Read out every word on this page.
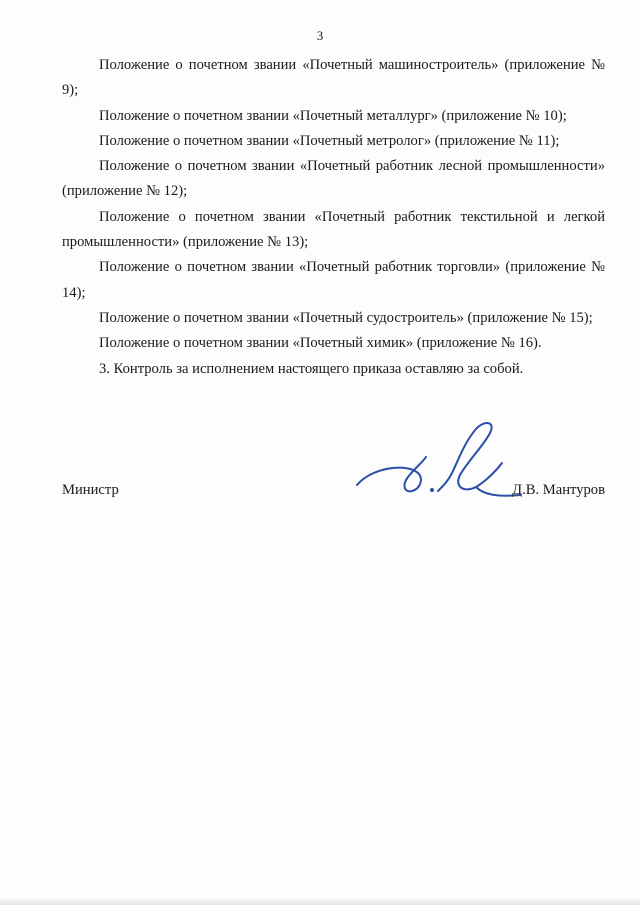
3

Положение о почетном звании «Почетный машиностроитель» (приложение № 9);

Положение о почетном звании «Почетный металлург» (приложение № 10);

Положение о почетном звании «Почетный метролог» (приложение № 11);

Положение о почетном звании «Почетный работник лесной промышленности» (приложение № 12);

Положение о почетном звании «Почетный работник текстильной и легкой промышленности» (приложение № 13);

Положение о почетном звании «Почетный работник торговли» (приложение № 14);

Положение о почетном звании «Почетный судостроитель» (приложение № 15);

Положение о почетном звании «Почетный химик» (приложение № 16).

3. Контроль за исполнением настоящего приказа оставляю за собой.

Министр	Д.В. Мантуров
